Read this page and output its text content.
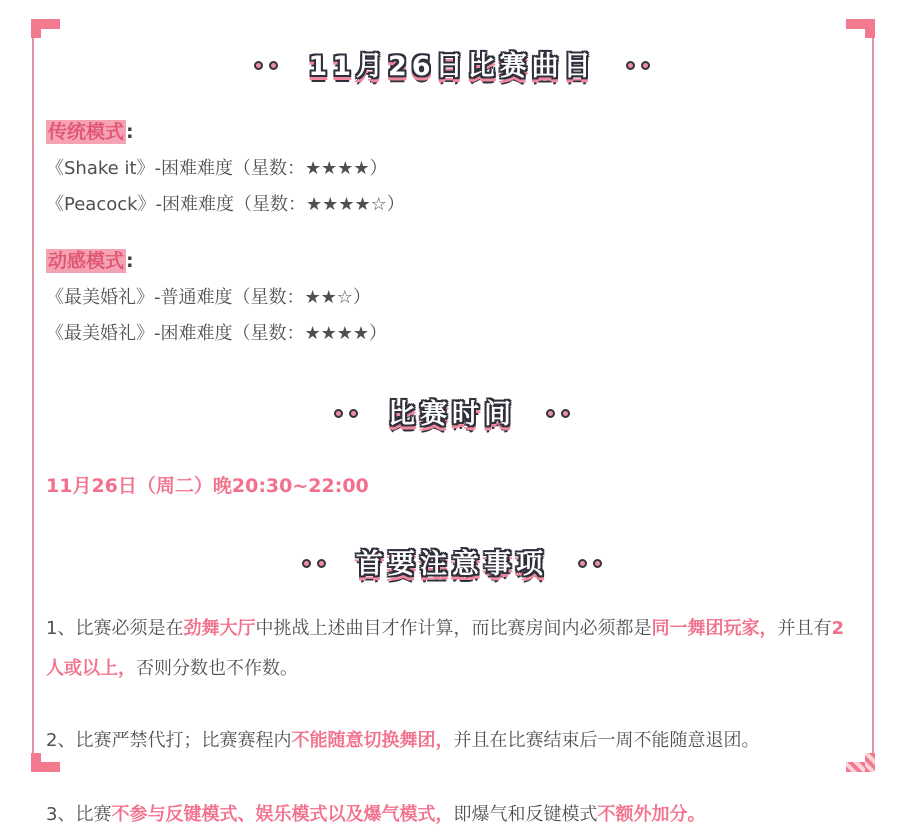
11月26日比赛曲目

传统模式 :

《Shake it》-困难难度（星数：★★★★）

《Peacock》-困难难度（星数：★★★★☆）

动感模式 :

《最美婚礼》-普通难度（星数：★★☆）

《最美婚礼》-困难难度（星数：★★★★）

比赛时间

11月26日（周二）晚20:30~22:00

首要注意事项

1、比赛必须是在劲舞大厅中挑战上述曲目才作计算，而比赛房间内必须都是同一舞团玩家，并且有2人或以上，否则分数也不作数。

2、比赛严禁代打；比赛赛程内不能随意切换舞团，并且在比赛结束后一周不能随意退团。

3、比赛不参与反键模式、娱乐模式以及爆气模式，即爆气和反键模式不额外加分。
